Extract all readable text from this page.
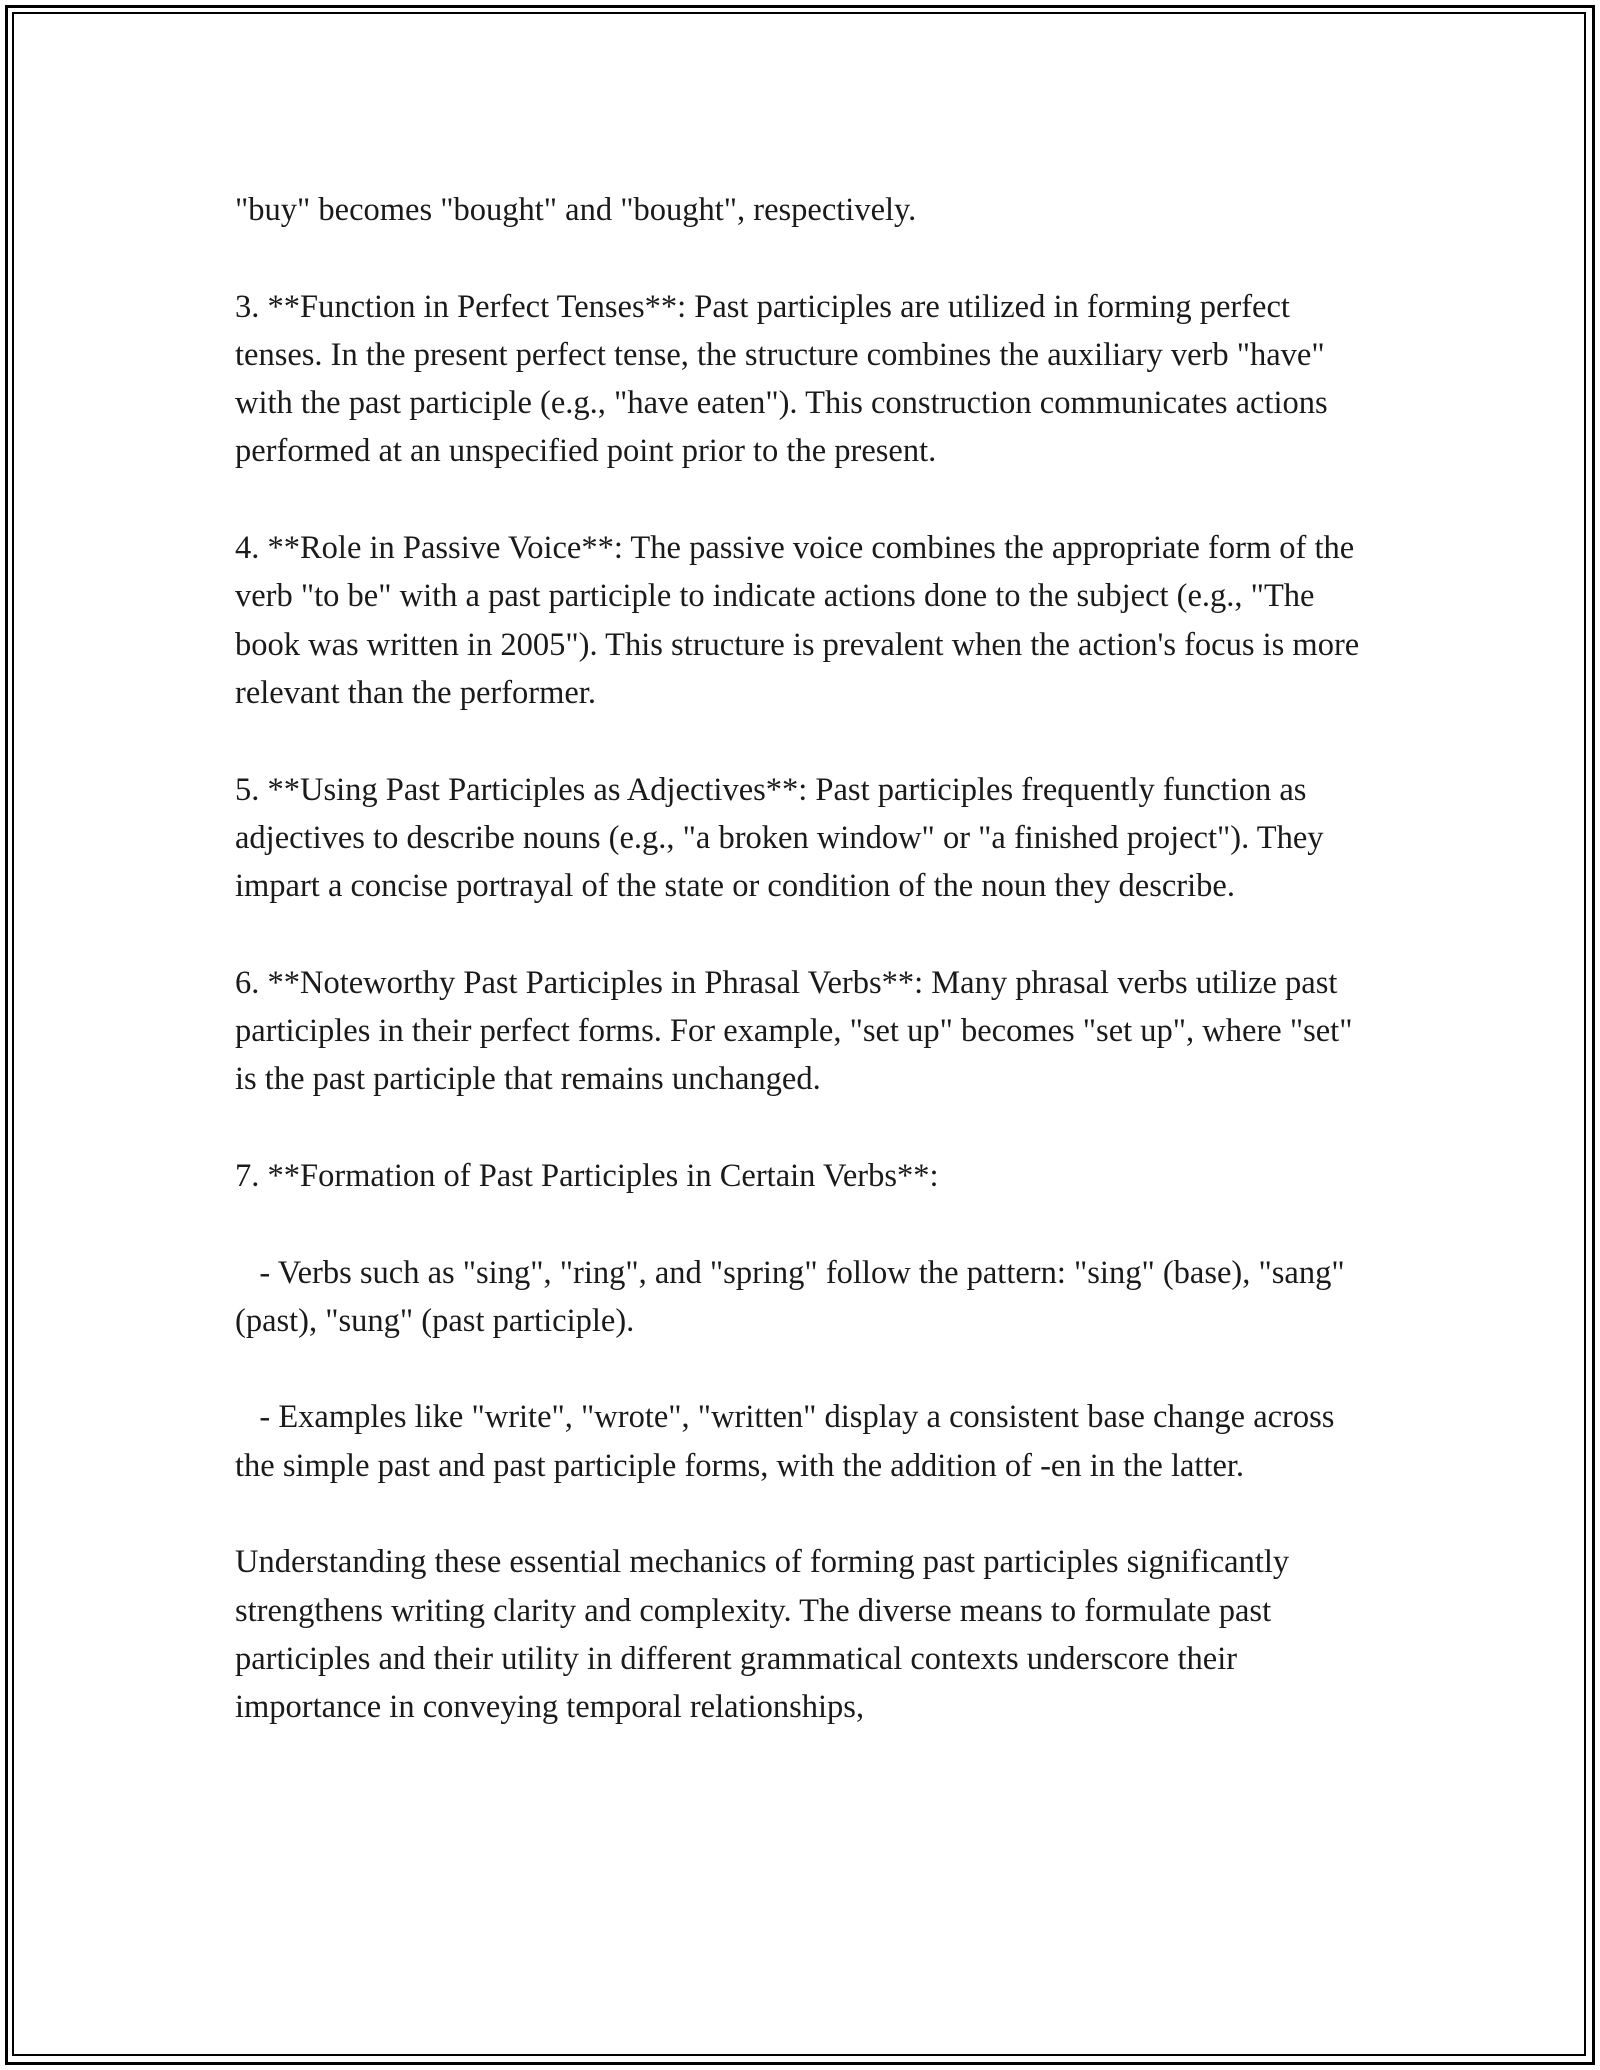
"buy" becomes "bought" and "bought", respectively.

3. **Function in Perfect Tenses**: Past participles are utilized in forming perfect tenses. In the present perfect tense, the structure combines the auxiliary verb "have" with the past participle (e.g., "have eaten"). This construction communicates actions performed at an unspecified point prior to the present.

4. **Role in Passive Voice**: The passive voice combines the appropriate form of the verb "to be" with a past participle to indicate actions done to the subject (e.g., "The book was written in 2005"). This structure is prevalent when the action's focus is more relevant than the performer.

5. **Using Past Participles as Adjectives**: Past participles frequently function as adjectives to describe nouns (e.g., "a broken window" or "a finished project"). They impart a concise portrayal of the state or condition of the noun they describe.

6. **Noteworthy Past Participles in Phrasal Verbs**: Many phrasal verbs utilize past participles in their perfect forms. For example, "set up" becomes "set up", where "set" is the past participle that remains unchanged.

7. **Formation of Past Participles in Certain Verbs**:

- Verbs such as "sing", "ring", and "spring" follow the pattern: "sing" (base), "sang" (past), "sung" (past participle).

- Examples like "write", "wrote", "written" display a consistent base change across the simple past and past participle forms, with the addition of -en in the latter.

Understanding these essential mechanics of forming past participles significantly strengthens writing clarity and complexity. The diverse means to formulate past participles and their utility in different grammatical contexts underscore their importance in conveying temporal relationships,
